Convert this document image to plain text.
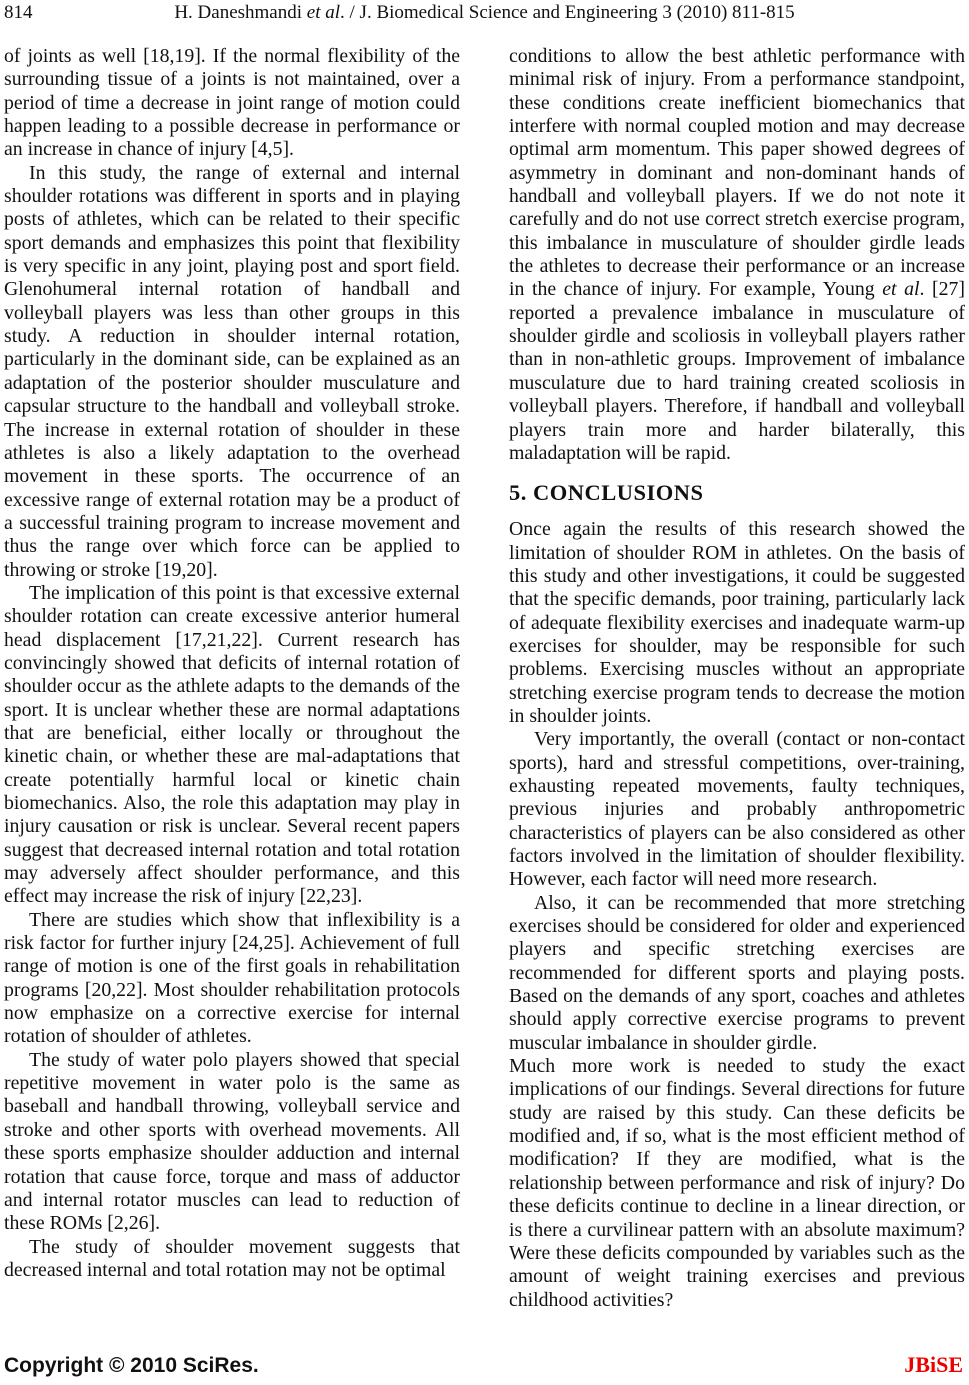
814	H. Daneshmandi et al. / J. Biomedical Science and Engineering 3 (2010) 811-815

of joints as well [18,19]. If the normal flexibility of the surrounding tissue of a joints is not maintained, over a period of time a decrease in joint range of motion could happen leading to a possible decrease in performance or an increase in chance of injury [4,5].

In this study, the range of external and internal shoulder rotations was different in sports and in playing posts of athletes, which can be related to their specific sport demands and emphasizes this point that flexibility is very specific in any joint, playing post and sport field. Glenohumeral internal rotation of handball and volleyball players was less than other groups in this study. A reduction in shoulder internal rotation, particularly in the dominant side, can be explained as an adaptation of the posterior shoulder musculature and capsular structure to the handball and volleyball stroke. The increase in external rotation of shoulder in these athletes is also a likely adaptation to the overhead movement in these sports. The occurrence of an excessive range of external rotation may be a product of a successful training program to increase movement and thus the range over which force can be applied to throwing or stroke [19,20].

The implication of this point is that excessive external shoulder rotation can create excessive anterior humeral head displacement [17,21,22]. Current research has convincingly showed that deficits of internal rotation of shoulder occur as the athlete adapts to the demands of the sport. It is unclear whether these are normal adaptations that are beneficial, either locally or throughout the kinetic chain, or whether these are mal-adaptations that create potentially harmful local or kinetic chain biomechanics. Also, the role this adaptation may play in injury causation or risk is unclear. Several recent papers suggest that decreased internal rotation and total rotation may adversely affect shoulder performance, and this effect may increase the risk of injury [22,23].

There are studies which show that inflexibility is a risk factor for further injury [24,25]. Achievement of full range of motion is one of the first goals in rehabilitation programs [20,22]. Most shoulder rehabilitation protocols now emphasize on a corrective exercise for internal rotation of shoulder of athletes.

The study of water polo players showed that special repetitive movement in water polo is the same as baseball and handball throwing, volleyball service and stroke and other sports with overhead movements. All these sports emphasize shoulder adduction and internal rotation that cause force, torque and mass of adductor and internal rotator muscles can lead to reduction of these ROMs [2,26].

The study of shoulder movement suggests that decreased internal and total rotation may not be optimal

conditions to allow the best athletic performance with minimal risk of injury. From a performance standpoint, these conditions create inefficient biomechanics that interfere with normal coupled motion and may decrease optimal arm momentum. This paper showed degrees of asymmetry in dominant and non-dominant hands of handball and volleyball players. If we do not note it carefully and do not use correct stretch exercise program, this imbalance in musculature of shoulder girdle leads the athletes to decrease their performance or an increase in the chance of injury. For example, Young et al. [27] reported a prevalence imbalance in musculature of shoulder girdle and scoliosis in volleyball players rather than in non-athletic groups. Improvement of imbalance musculature due to hard training created scoliosis in volleyball players. Therefore, if handball and volleyball players train more and harder bilaterally, this maladaptation will be rapid.

5. CONCLUSIONS

Once again the results of this research showed the limitation of shoulder ROM in athletes. On the basis of this study and other investigations, it could be suggested that the specific demands, poor training, particularly lack of adequate flexibility exercises and inadequate warm-up exercises for shoulder, may be responsible for such problems. Exercising muscles without an appropriate stretching exercise program tends to decrease the motion in shoulder joints.

Very importantly, the overall (contact or non-contact sports), hard and stressful competitions, over-training, exhausting repeated movements, faulty techniques, previous injuries and probably anthropometric characteristics of players can be also considered as other factors involved in the limitation of shoulder flexibility. However, each factor will need more research.

Also, it can be recommended that more stretching exercises should be considered for older and experienced players and specific stretching exercises are recommended for different sports and playing posts. Based on the demands of any sport, coaches and athletes should apply corrective exercise programs to prevent muscular imbalance in shoulder girdle.

Much more work is needed to study the exact implications of our findings. Several directions for future study are raised by this study. Can these deficits be modified and, if so, what is the most efficient method of modification? If they are modified, what is the relationship between performance and risk of injury? Do these deficits continue to decline in a linear direction, or is there a curvilinear pattern with an absolute maximum? Were these deficits compounded by variables such as the amount of weight training exercises and previous childhood activities?

Copyright © 2010 SciRes.	JBiSE
